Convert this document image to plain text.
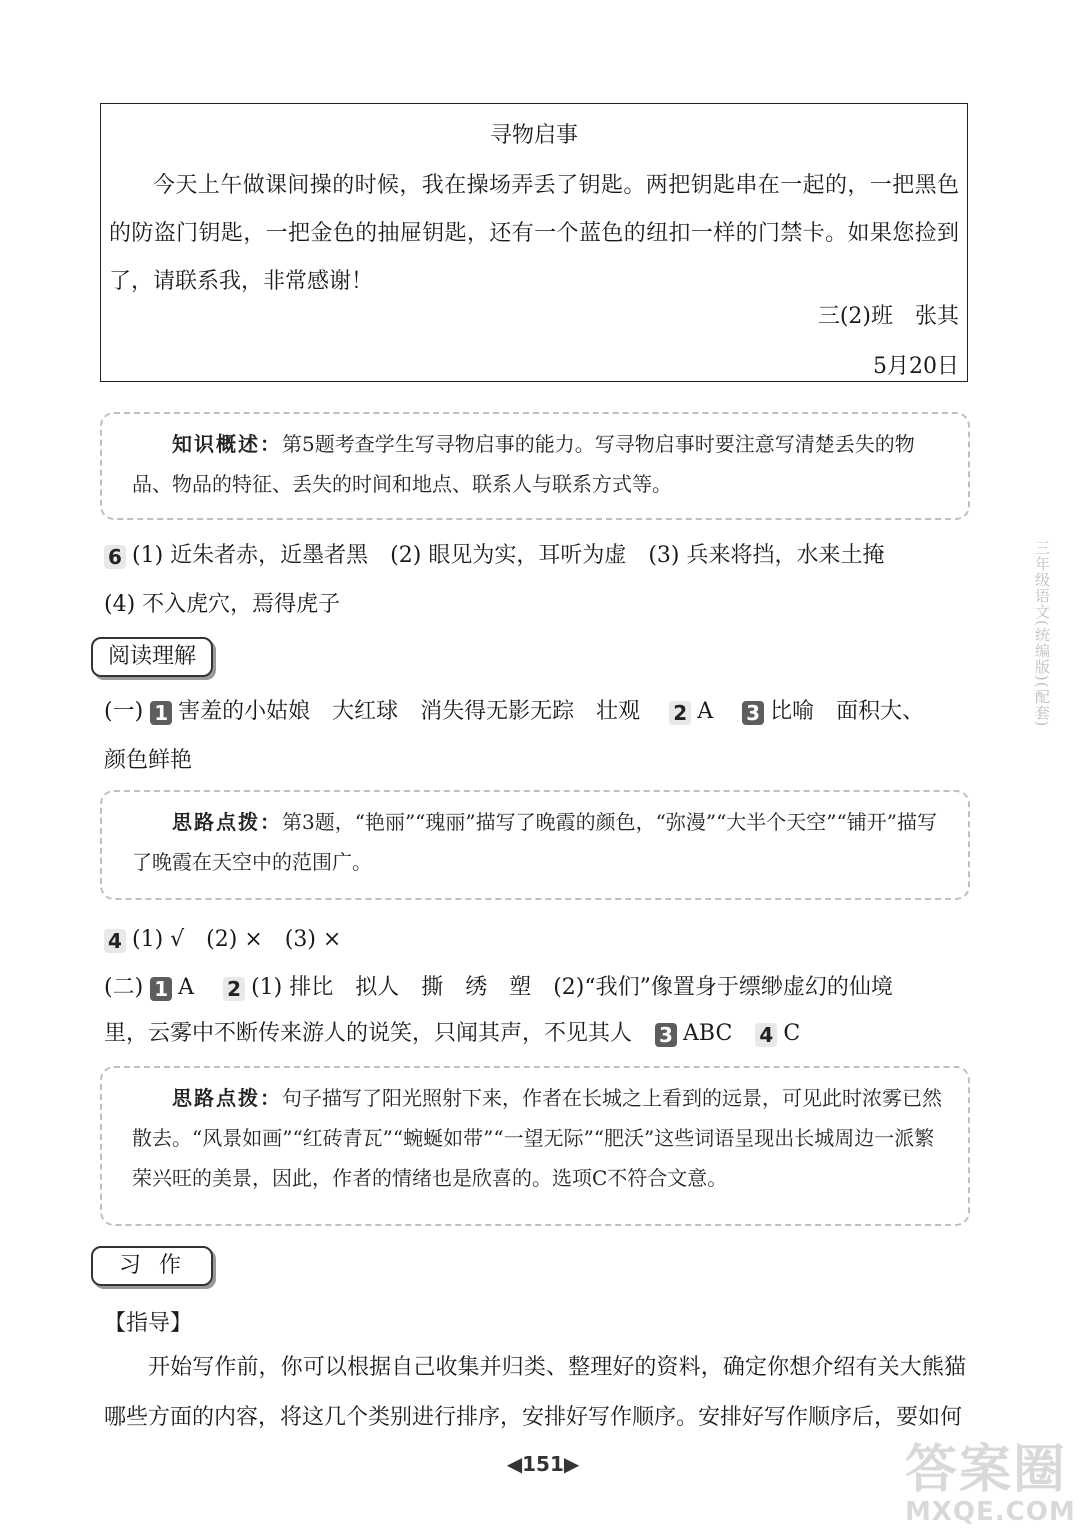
寻物启事
今天上午做课间操的时候，我在操场弄丢了钥匙。两把钥匙串在一起的，一把黑色的防盗门钥匙，一把金色的抽屉钥匙，还有一个蓝色的纽扣一样的门禁卡。如果您捡到了，请联系我，非常感谢！
三(2)班　张其
5月20日

知识概述：第5题考查学生写寻物启事的能力。写寻物启事时要注意写清楚丢失的物品、物品的特征、丢失的时间和地点、联系人与联系方式等。

6 (1) 近朱者赤，近墨者黑　(2) 眼见为实，耳听为虚　(3) 兵来将挡，水来土掩
(4) 不入虎穴，焉得虎子
阅读理解
(一) 1 害羞的小姑娘　大红球　消失得无影无踪　壮观 2 A 3 比喻　面积大、
颜色鲜艳

思路点拨：第3题，“艳丽”“瑰丽”描写了晚霞的颜色，“弥漫”“大半个天空”“铺开”描写了晚霞在天空中的范围广。

4 (1) √　(2) ×　(3) ×
(二) 1 A 2 (1) 排比　拟人　撕　绣　塑　(2)“我们”像置身于缥缈虚幻的仙境
里，云雾中不断传来游人的说笑，只闻其声，不见其人 3 ABC 4 C

思路点拨：句子描写了阳光照射下来，作者在长城之上看到的远景，可见此时浓雾已然散去。“风景如画”“红砖青瓦”“蜿蜒如带”“一望无际”“肥沃”这些词语呈现出长城周边一派繁荣兴旺的美景，因此，作者的情绪也是欣喜的。选项C不符合文意。

习作
【指导】
开始写作前，你可以根据自己收集并归类、整理好的资料，确定你想介绍有关大熊猫哪些方面的内容，将这几个类别进行排序，安排好写作顺序。安排好写作顺序后，要如何
◀151▶
三年级语文(统编版)(配套)
答案圈
MXQE.COM
